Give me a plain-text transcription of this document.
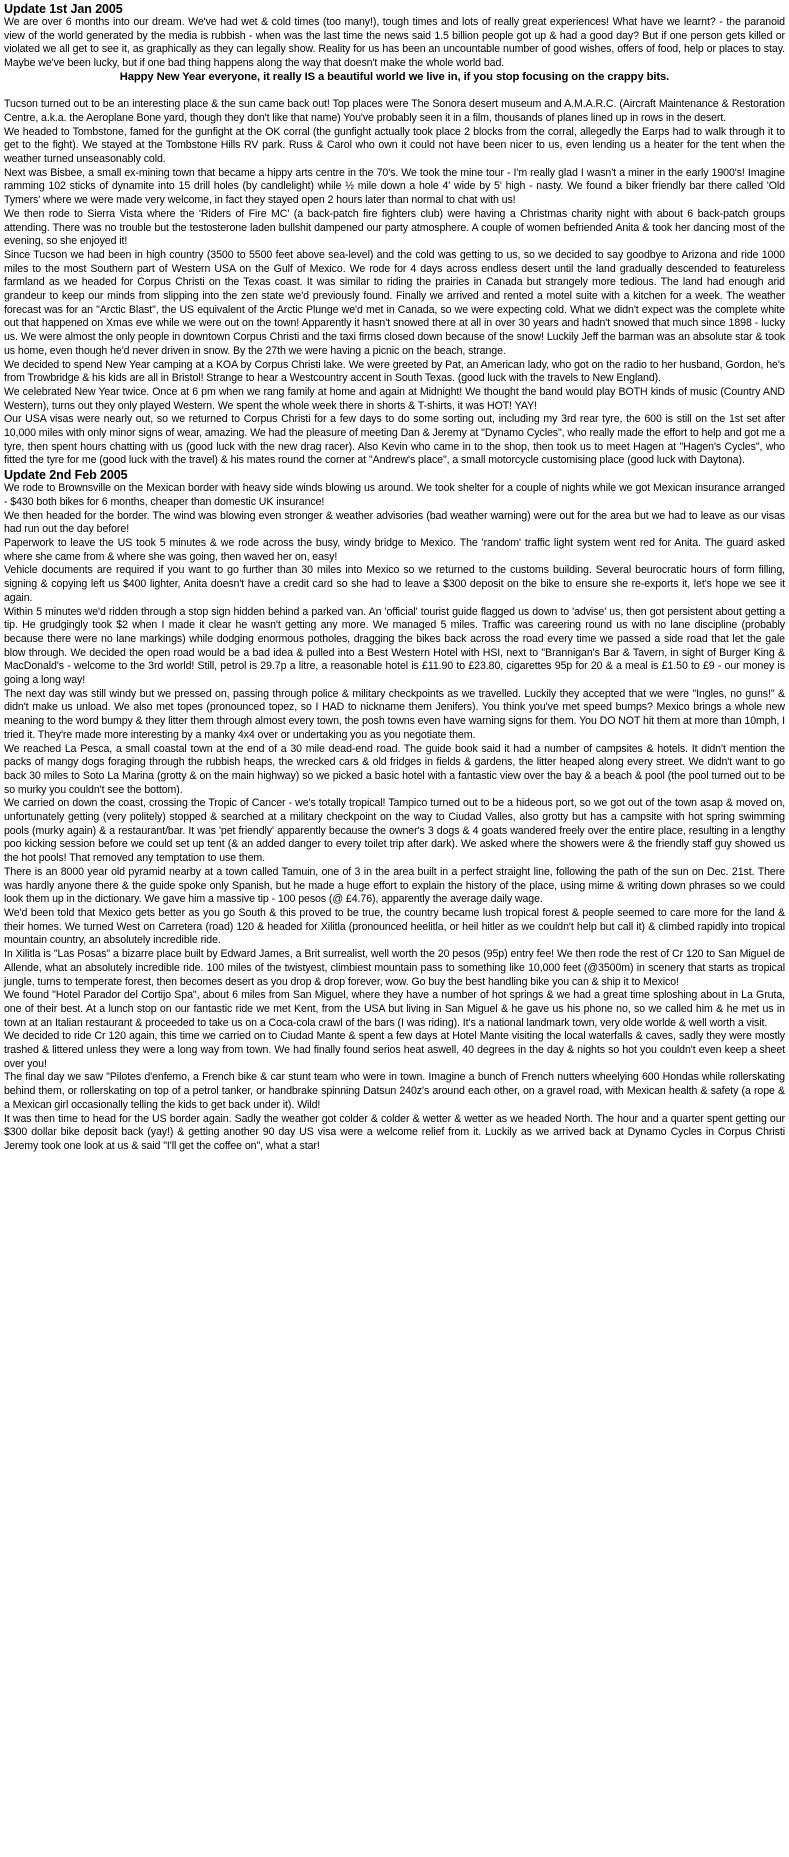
Update 1st Jan 2005

We are over 6 months into our dream. We've had wet & cold times (too many!), tough times and lots of really great experiences! What have we learnt? - the paranoid view of the world generated by the media is rubbish - when was the last time the news said 1.5 billion people got up & had a good day? But if one person gets killed or violated we all get to see it, as graphically as they can legally show. Reality for us has been an uncountable number of good wishes, offers of food, help or places to stay. Maybe we've been lucky, but if one bad thing happens along the way that doesn't make the whole world bad.

Happy New Year everyone, it really IS a beautiful world we live in, if you stop focusing on the crappy bits.

Tucson turned out to be an interesting place & the sun came back out! Top places were The Sonora desert museum and A.M.A.R.C. (Aircraft Maintenance & Restoration Centre, a.k.a. the Aeroplane Bone yard, though they don't like that name) You've probably seen it in a film, thousands of planes lined up in rows in the desert.

We headed to Tombstone, famed for the gunfight at the OK corral (the gunfight actually took place 2 blocks from the corral, allegedly the Earps had to walk through it to get to the fight). We stayed at the Tombstone Hills RV park. Russ & Carol who own it could not have been nicer to us, even lending us a heater for the tent when the weather turned unseasonably cold.

Next was Bisbee, a small ex-mining town that became a hippy arts centre in the 70's. We took the mine tour - I'm really glad I wasn't a miner in the early 1900's! Imagine ramming 102 sticks of dynamite into 15 drill holes (by candlelight) while ½ mile down a hole 4' wide by 5' high - nasty. We found a biker friendly bar there called 'Old Tymers' where we were made very welcome, in fact they stayed open 2 hours later than normal to chat with us!

We then rode to Sierra Vista where the 'Riders of Fire MC' (a back-patch fire fighters club) were having a Christmas charity night with about 6 back-patch groups attending. There was no trouble but the testosterone laden bullshit dampened our party atmosphere. A couple of women befriended Anita & took her dancing most of the evening, so she enjoyed it!

Since Tucson we had been in high country (3500 to 5500 feet above sea-level) and the cold was getting to us, so we decided to say goodbye to Arizona and ride 1000 miles to the most Southern part of Western USA on the Gulf of Mexico. We rode for 4 days across endless desert until the land gradually descended to featureless farmland as we headed for Corpus Christi on the Texas coast. It was similar to riding the prairies in Canada but strangely more tedious. The land had enough arid grandeur to keep our minds from slipping into the zen state we'd previously found. Finally we arrived and rented a motel suite with a kitchen for a week. The weather forecast was for an "Arctic Blast", the US equivalent of the Arctic Plunge we'd met in Canada, so we were expecting cold. What we didn't expect was the complete white out that happened on Xmas eve while we were out on the town! Apparently it hasn't snowed there at all in over 30 years and hadn't snowed that much since 1898 - lucky us. We were almost the only people in downtown Corpus Christi and the taxi firms closed down because of the snow! Luckily Jeff the barman was an absolute star & took us home, even though he'd never driven in snow. By the 27th we were having a picnic on the beach, strange.

We decided to spend New Year camping at a KOA by Corpus Christi lake. We were greeted by Pat, an American lady, who got on the radio to her husband, Gordon, he's from Trowbridge & his kids are all in Bristol! Strange to hear a Westcountry accent in South Texas. (good luck with the travels to New England).

We celebrated New Year twice. Once at 6 pm when we rang family at home and again at Midnight! We thought the band would play BOTH kinds of music (Country AND Western), turns out they only played Western. We spent the whole week there in shorts & T-shirts, it was HOT! YAY!

Our USA visas were nearly out, so we returned to Corpus Christi for a few days to do some sorting out, including my 3rd rear tyre, the 600 is still on the 1st set after 10,000 miles with only minor signs of wear, amazing. We had the pleasure of meeting Dan & Jeremy at "Dynamo Cycles", who really made the effort to help and got me a tyre, then spent hours chatting with us (good luck with the new drag racer). Also Kevin who came in to the shop, then took us to meet Hagen at "Hagen's Cycles", who fitted the tyre for me (good luck with the travel) & his mates round the corner at "Andrew's place", a small motorcycle customising place (good luck with Daytona).

Update 2nd Feb 2005

We rode to Brownsville on the Mexican border with heavy side winds blowing us around. We took shelter for a couple of nights while we got Mexican insurance arranged - $430 both bikes for 6 months, cheaper than domestic UK insurance!

We then headed for the border. The wind was blowing even stronger & weather advisories (bad weather warning) were out for the area but we had to leave as our visas had run out the day before!

Paperwork to leave the US took 5 minutes & we rode across the busy, windy bridge to Mexico. The 'random' traffic light system went red for Anita. The guard asked where she came from & where she was going, then waved her on, easy!

Vehicle documents are required if you want to go further than 30 miles into Mexico so we returned to the customs building. Several beurocratic hours of form filling, signing & copying left us $400 lighter, Anita doesn't have a credit card so she had to leave a $300 deposit on the bike to ensure she re-exports it, let's hope we see it again.

Within 5 minutes we'd ridden through a stop sign hidden behind a parked van. An 'official' tourist guide flagged us down to 'advise' us, then got persistent about getting a tip. He grudgingly took $2 when I made it clear he wasn't getting any more. We managed 5 miles. Traffic was careering round us with no lane discipline (probably because there were no lane markings) while dodging enormous potholes, dragging the bikes back across the road every time we passed a side road that let the gale blow through. We decided the open road would be a bad idea & pulled into a Best Western Hotel with HSI, next to "Brannigan's Bar & Tavern, in sight of Burger King & MacDonald's - welcome to the 3rd world! Still, petrol is 29.7p a litre, a reasonable hotel is £11.90 to £23.80, cigarettes 95p for 20 & a meal is £1.50 to £9 - our money is going a long way!

The next day was still windy but we pressed on, passing through police & military checkpoints as we travelled. Luckily they accepted that we were "Ingles, no guns!" & didn't make us unload. We also met topes (pronounced topez, so I HAD to nickname them Jenifers). You think you've met speed bumps? Mexico brings a whole new meaning to the word bumpy & they litter them through almost every town, the posh towns even have warning signs for them. You DO NOT hit them at more than 10mph, I tried it. They're made more interesting by a manky 4x4 over or undertaking you as you negotiate them.

We reached La Pesca, a small coastal town at the end of a 30 mile dead-end road. The guide book said it had a number of campsites & hotels. It didn't mention the packs of mangy dogs foraging through the rubbish heaps, the wrecked cars & old fridges in fields & gardens, the litter heaped along every street. We didn't want to go back 30 miles to Soto La Marina (grotty & on the main highway) so we picked a basic hotel with a fantastic view over the bay & a beach & pool (the pool turned out to be so murky you couldn't see the bottom).

We carried on down the coast, crossing the Tropic of Cancer - we's totally tropical! Tampico turned out to be a hideous port, so we got out of the town asap & moved on, unfortunately getting (very politely) stopped & searched at a military checkpoint on the way to Ciudad Valles, also grotty but has a campsite with hot spring swimming pools (murky again) & a restaurant/bar. It was 'pet friendly' apparently because the owner's 3 dogs & 4 goats wandered freely over the entire place, resulting in a lengthy poo kicking session before we could set up tent (& an added danger to every toilet trip after dark). We asked where the showers were & the friendly staff guy showed us the hot pools! That removed any temptation to use them.

There is an 8000 year old pyramid nearby at a town called Tamuin, one of 3 in the area built in a perfect straight line, following the path of the sun on Dec. 21st. There was hardly anyone there & the guide spoke only Spanish, but he made a huge effort to explain the history of the place, using mime & writing down phrases so we could look them up in the dictionary. We gave him a massive tip - 100 pesos (@ £4.76), apparently the average daily wage.

We'd been told that Mexico gets better as you go South & this proved to be true, the country became lush tropical forest & people seemed to care more for the land & their homes. We turned West on Carretera (road) 120 & headed for Xilitla (pronounced heelitla, or heil hitler as we couldn't help but call it) & climbed rapidly into tropical mountain country, an absolutely incredible ride.

In Xilitla is "Las Posas" a bizarre place built by Edward James, a Brit surrealist, well worth the 20 pesos (95p) entry fee! We then rode the rest of Cr 120 to San Miguel de Allende, what an absolutely incredible ride. 100 miles of the twistyest, climbiest mountain pass to something like 10,000 feet (@3500m) in scenery that starts as tropical jungle, turns to temperate forest, then becomes desert as you drop & drop forever, wow. Go buy the best handling bike you can & ship it to Mexico!

We found "Hotel Parador del Cortijo Spa", about 6 miles from San Miguel, where they have a number of hot springs & we had a great time sploshing about in La Gruta, one of their best. At a lunch stop on our fantastic ride we met Kent, from the USA but living in San Miguel & he gave us his phone no, so we called him & he met us in town at an Italian restaurant & proceeded to take us on a Coca-cola crawl of the bars (I was riding). It's a national landmark town, very olde worlde & well worth a visit.

We decided to ride Cr 120 again, this time we carried on to Ciudad Mante & spent a few days at Hotel Mante visiting the local waterfalls & caves, sadly they were mostly trashed & littered unless they were a long way from town. We had finally found serios heat aswell, 40 degrees in the day & nights so hot you couldn't even keep a sheet over you!

The final day we saw "Pilotes d'enfemo, a French bike & car stunt team who were in town. Imagine a bunch of French nutters wheelying 600 Hondas while rollerskating behind them, or rollerskating on top of a petrol tanker, or handbrake spinning Datsun 240z's around each other, on a gravel road, with Mexican health & safety (a rope & a Mexican girl occasionally telling the kids to get back under it). Wild!

It was then time to head for the US border again. Sadly the weather got colder & colder & wetter & wetter as we headed North. The hour and a quarter spent getting our $300 dollar bike deposit back (yay!) & getting another 90 day US visa were a welcome relief from it. Luckily as we arrived back at Dynamo Cycles in Corpus Christi Jeremy took one look at us & said "I'll get the coffee on", what a star!
